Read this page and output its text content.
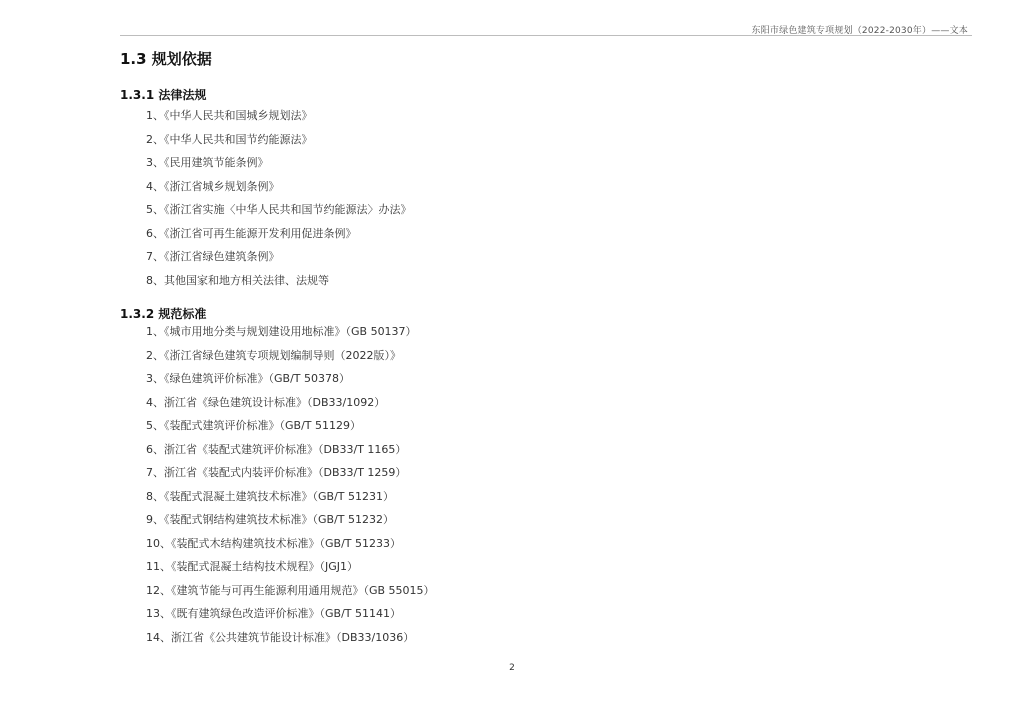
东阳市绿色建筑专项规划（2022-2030年）——文本
1.3 规划依据
1.3.1 法律法规
1、《中华人民共和国城乡规划法》
2、《中华人民共和国节约能源法》
3、《民用建筑节能条例》
4、《浙江省城乡规划条例》
5、《浙江省实施〈中华人民共和国节约能源法〉办法》
6、《浙江省可再生能源开发利用促进条例》
7、《浙江省绿色建筑条例》
8、其他国家和地方相关法律、法规等
1.3.2 规范标准
1、《城市用地分类与规划建设用地标准》（GB 50137）
2、《浙江省绿色建筑专项规划编制导则（2022版）》
3、《绿色建筑评价标准》（GB/T 50378）
4、浙江省《绿色建筑设计标准》（DB33/1092）
5、《装配式建筑评价标准》（GB/T 51129）
6、浙江省《装配式建筑评价标准》（DB33/T 1165）
7、浙江省《装配式内装评价标准》（DB33/T 1259）
8、《装配式混凝土建筑技术标准》（GB/T 51231）
9、《装配式钢结构建筑技术标准》（GB/T 51232）
10、《装配式木结构建筑技术标准》（GB/T 51233）
11、《装配式混凝土结构技术规程》（JGJ1）
12、《建筑节能与可再生能源利用通用规范》（GB 55015）
13、《既有建筑绿色改造评价标准》（GB/T 51141）
14、浙江省《公共建筑节能设计标准》（DB33/1036）
2
